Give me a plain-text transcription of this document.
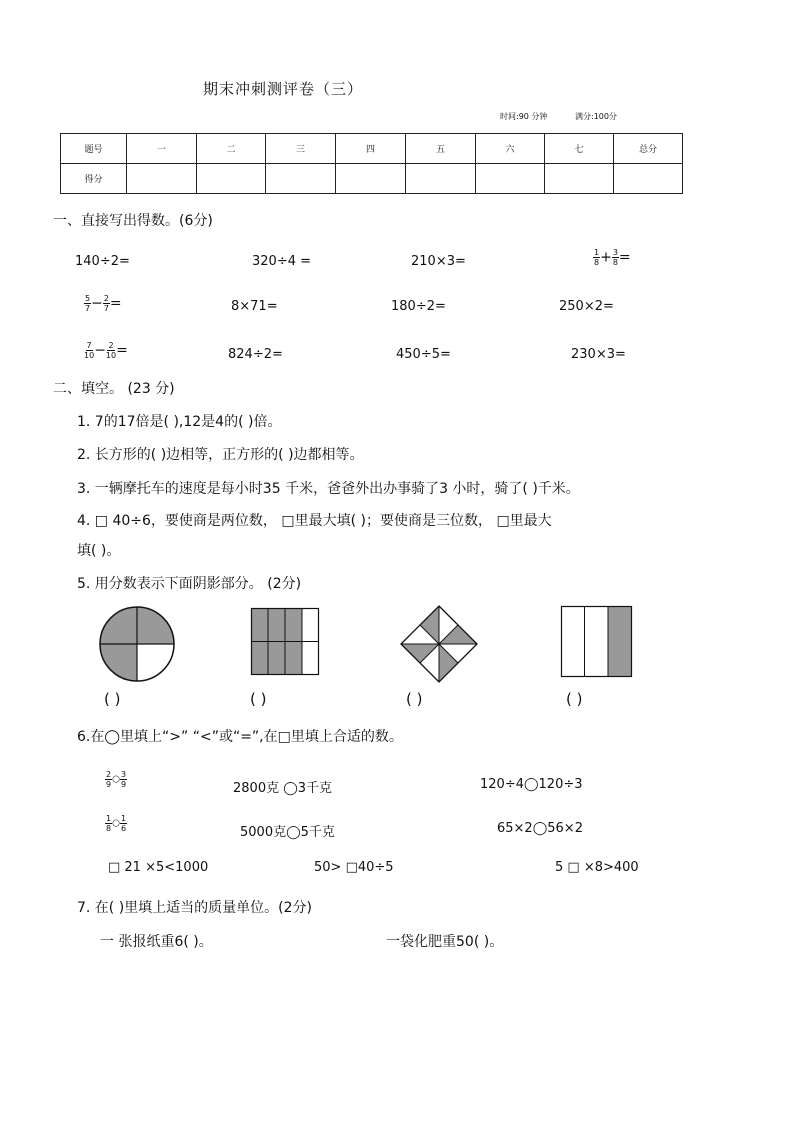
期末冲刺测评卷（三）
时间:90 分钟	满分:100分
题号	一	二	三	四	五	六	七	总分
得分								
一、直接写出得数。(6分)
140÷2=	320÷4 =	210×3=	$\frac{1}{8} + \frac{3}{8}$ =
$\frac{5}{7} - \frac{2}{7}$ =	8×71=	180÷2=	250×2=
$\frac{7}{10} - \frac{2}{10}$ =	824÷2=	450÷5=	230×3=
二、填空。 (23 分)
1. 7的17倍是( ),12是4的( )倍。
2. 长方形的( )边相等，正方形的( )边都相等。
3. 一辆摩托车的速度是每小时35 千米，爸爸外出办事骑了3 小时，骑了( )千米。
4. □ 40÷6，要使商是两位数， □里最大填( )；要使商是三位数， □里最大
填( )。
5. 用分数表示下面阴影部分。 (2分)
( )	( )	( )	( )
6.在◯里填上“>” “<”或“=”,在□里填上合适的数。
$\frac{2}{9}$ ○ $\frac{3}{9}$	2800克 ◯3千克	120÷4◯120÷3
$\frac{1}{8}$ ○ $\frac{1}{6}$	5000克◯5千克	65×2◯56×2
□ 21 ×5<1000	50> □40÷5	5 □ ×8>400
7. 在( )里填上适当的质量单位。(2分)
一 张报纸重6( )。	一袋化肥重50( )。
